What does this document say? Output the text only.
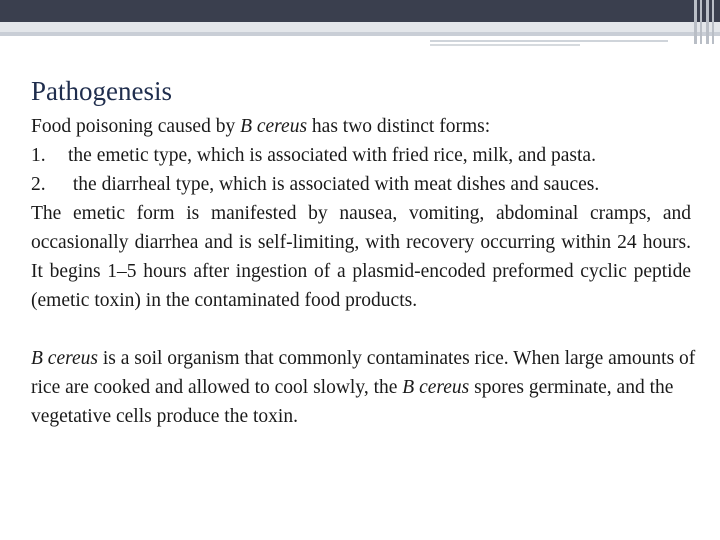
Pathogenesis
Food poisoning caused by B cereus has two distinct forms:
1.	the emetic type, which is associated with fried rice, milk, and pasta.
2.	the diarrheal type, which is associated with meat dishes and sauces.
The emetic form is manifested by nausea, vomiting, abdominal cramps, and occasionally diarrhea and is self-limiting, with recovery occurring within 24 hours. It begins 1–5 hours after ingestion of a plasmid-encoded preformed cyclic peptide (emetic toxin) in the contaminated food products.
B cereus is a soil organism that commonly contaminates rice. When large amounts of rice are cooked and allowed to cool slowly, the B cereus spores germinate, and the vegetative cells produce the toxin.
